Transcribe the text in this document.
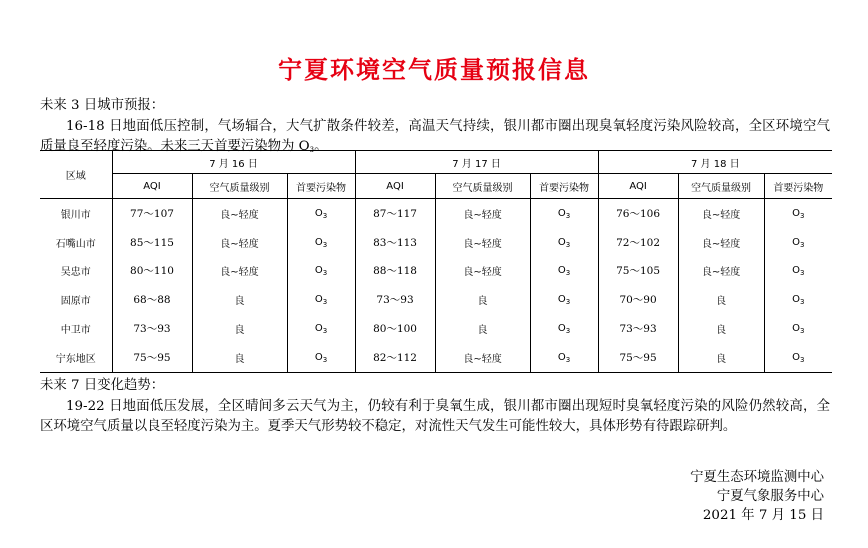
宁夏环境空气质量预报信息
未来 3 日城市预报：
16-18 日地面低压控制，气场辐合，大气扩散条件较差，高温天气持续，银川都市圈出现臭氧轻度污染风险较高，全区环境空气质量良至轻度污染。未来三天首要污染物为 $O_3$。
区域	7 月 16 日			7 月 17 日			7 月 18 日		
	AQI	空气质量级别	首要污染物	AQI	空气质量级别	首要污染物	AQI	空气质量级别	首要污染物
银川市	77～107	良~轻度	$O_3$	87～117	良~轻度	$O_3$	76～106	良~轻度	$O_3$
石嘴山市	85～115	良~轻度	$O_3$	83～113	良~轻度	$O_3$	72～102	良~轻度	$O_3$
吴忠市	80～110	良~轻度	$O_3$	88～118	良~轻度	$O_3$	75～105	良~轻度	$O_3$
固原市	68～88	良	$O_3$	73～93	良	$O_3$	70～90	良	$O_3$
中卫市	73～93	良	$O_3$	80～100	良	$O_3$	73～93	良	$O_3$
宁东地区	75～95	良	$O_3$	82～112	良~轻度	$O_3$	75～95	良	$O_3$
未来 7 日变化趋势：
19-22 日地面低压发展，全区晴间多云天气为主，仍较有利于臭氧生成，银川都市圈出现短时臭氧轻度污染的风险仍然较高，全区环境空气质量以良至轻度污染为主。夏季天气形势较不稳定，对流性天气发生可能性较大，具体形势有待跟踪研判。
宁夏生态环境监测中心
宁夏气象服务中心
2021 年 7 月 15 日
